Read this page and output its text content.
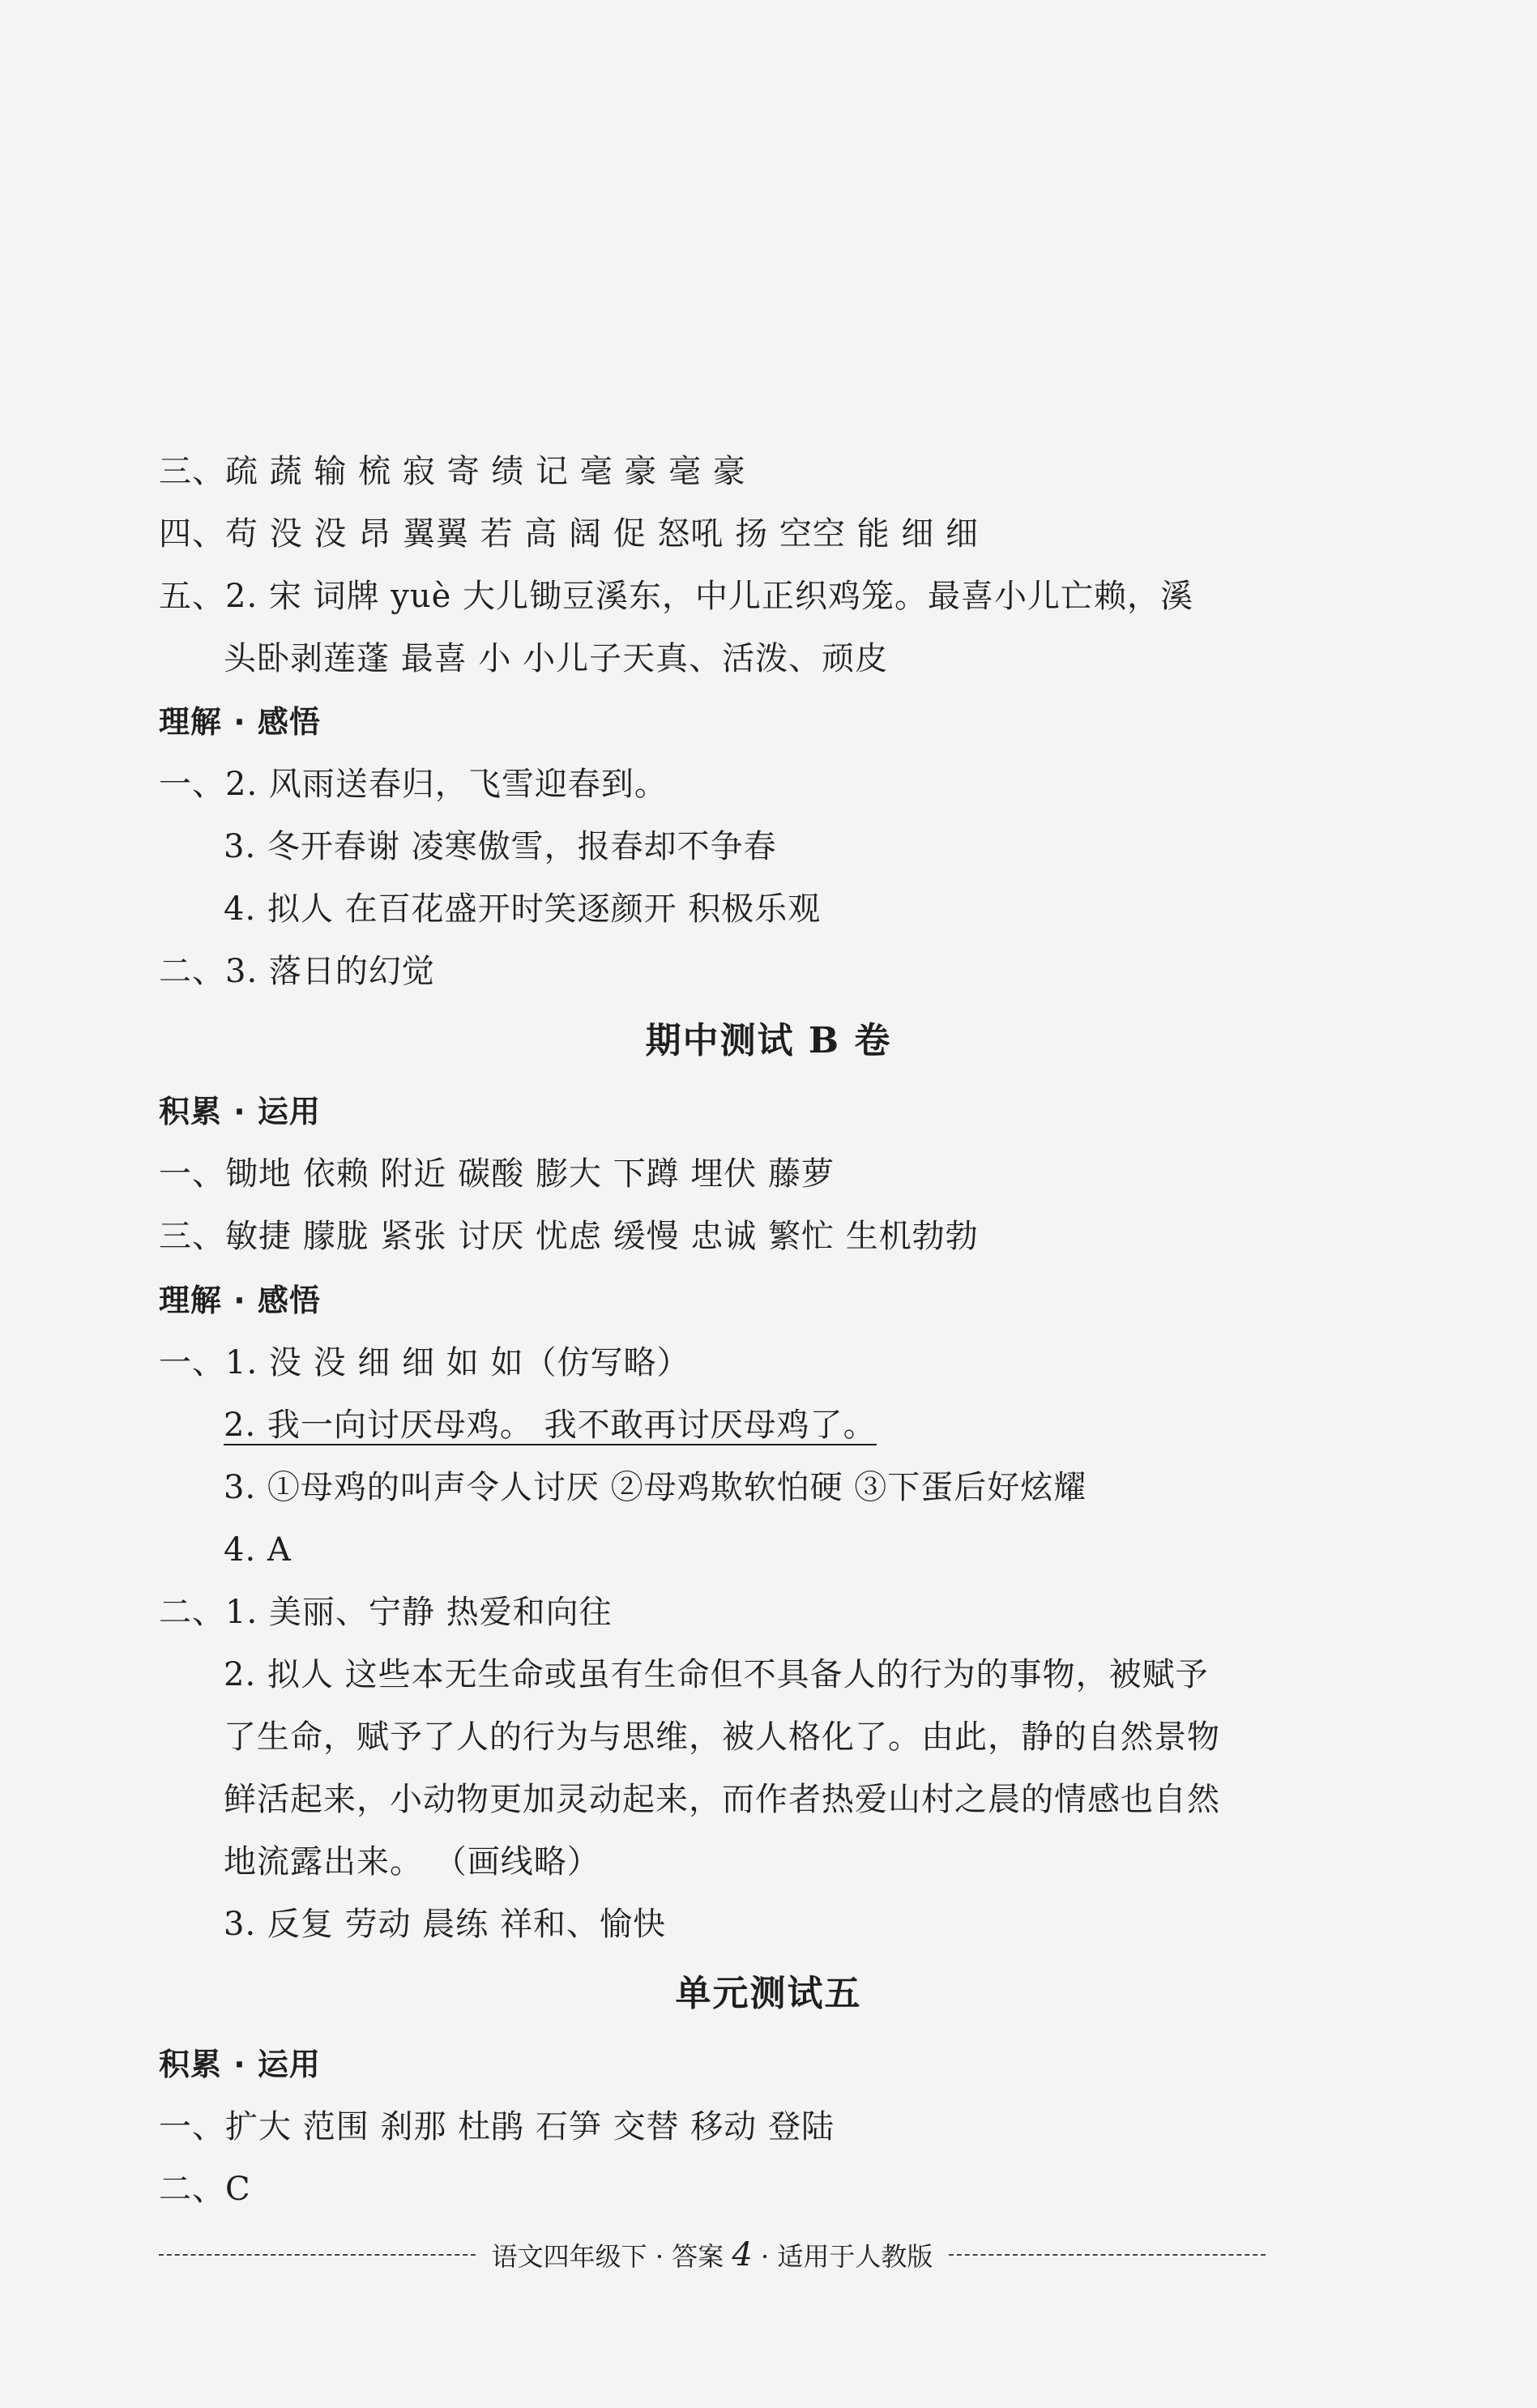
三、疏 蔬 输 梳 寂 寄 绩 记 毫 豪 毫 豪
四、苟 没 没 昂 翼翼 若 高 阔 促 怒吼 扬 空空 能 细 细
五、2. 宋 词牌 yuè 大儿锄豆溪东，中儿正织鸡笼。最喜小儿亡赖，溪
头卧剥莲蓬 最喜 小 小儿子天真、活泼、顽皮
理解 · 感悟
一、2. 风雨送春归，飞雪迎春到。
3. 冬开春谢 凌寒傲雪，报春却不争春
4. 拟人 在百花盛开时笑逐颜开 积极乐观
二、3. 落日的幻觉
期中测试 B 卷
积累 · 运用
一、锄地 依赖 附近 碳酸 膨大 下蹲 埋伏 藤萝
三、敏捷 朦胧 紧张 讨厌 忧虑 缓慢 忠诚 繁忙 生机勃勃
理解 · 感悟
一、1. 没 没 细 细 如 如（仿写略）
2. 我一向讨厌母鸡。 我不敢再讨厌母鸡了。
3. ①母鸡的叫声令人讨厌 ②母鸡欺软怕硬 ③下蛋后好炫耀
4. A
二、1. 美丽、宁静 热爱和向往
2. 拟人 这些本无生命或虽有生命但不具备人的行为的事物，被赋予
了生命，赋予了人的行为与思维，被人格化了。由此，静的自然景物
鲜活起来，小动物更加灵动起来，而作者热爱山村之晨的情感也自然
地流露出来。 （画线略）
3. 反复 劳动 晨练 祥和、愉快
单元测试五
积累 · 运用
一、扩大 范围 刹那 杜鹃 石笋 交替 移动 登陆
二、C
语文四年级下 · 答案 4 · 适用于人教版
